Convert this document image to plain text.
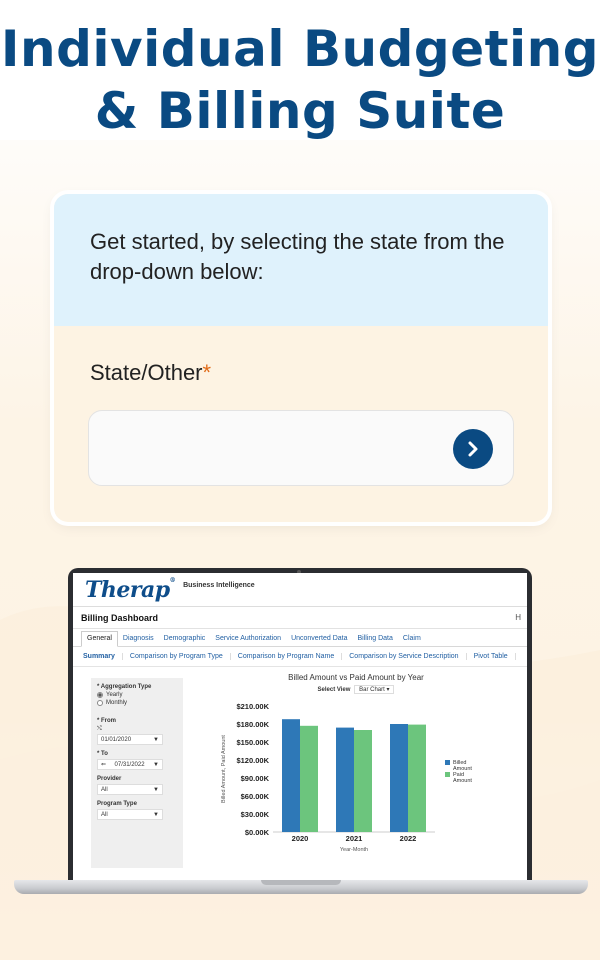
Individual Budgeting
& Billing Suite
Get started, by selecting the state from the drop-down below:
State/Other*
Therap®
Business Intelligence
Billing Dashboard	H
General	Diagnosis	Demographic	Service Authorization	Unconverted Data	Billing Data	Claim
Summary	Comparison by Program Type	Comparison by Program Name	Comparison by Service Description	Pivot Table
* Aggregation Type
Yearly
Monthly
* From
⤭
01/01/2020	▼
* To
⇐ 07/31/2022 ▼
Provider
All	▼
Program Type
All	▼
Billed Amount vs Paid Amount by Year
Select View Bar Chart ▾
$0.00K
$30.00K
$60.00K
$90.00K
$120.00K
$150.00K
$180.00K
$210.00K
Billed Amount, Paid Amount
2020	2021	2022
Year-Month
Billed
Amount
Paid
Amount
